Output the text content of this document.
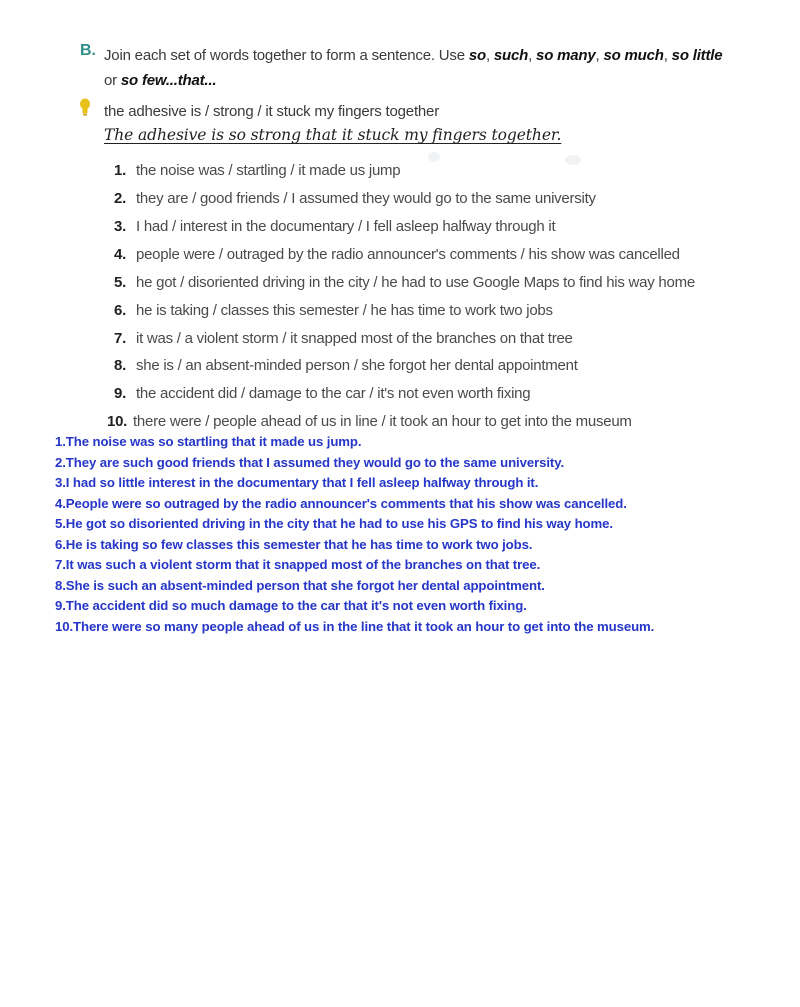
B. Join each set of words together to form a sentence. Use so, such, so many, so much, so little
or so few...that...
the adhesive is / strong / it stuck my fingers together
The adhesive is so strong that it stuck my fingers together.
1. the noise was / startling / it made us jump
2. they are / good friends / I assumed they would go to the same university
3. I had / interest in the documentary / I fell asleep halfway through it
4. people were / outraged by the radio announcer's comments / his show was cancelled
5. he got / disoriented driving in the city / he had to use Google Maps to find his way home
6. he is taking / classes this semester / he has time to work two jobs
7. it was / a violent storm / it snapped most of the branches on that tree
8. she is / an absent-minded person / she forgot her dental appointment
9. the accident did / damage to the car / it's not even worth fixing
10. there were / people ahead of us in line / it took an hour to get into the museum
1.The noise was so startling that it made us jump.
2.They are such good friends that I assumed they would go to the same university.
3.I had so little interest in the documentary that I fell asleep halfway through it.
4.People were so outraged by the radio announcer's comments that his show was cancelled.
5.He got so disoriented driving in the city that he had to use his GPS to find his way home.
6.He is taking so few classes this semester that he has time to work two jobs.
7.It was such a violent storm that it snapped most of the branches on that tree.
8.She is such an absent-minded person that she forgot her dental appointment.
9.The accident did so much damage to the car that it's not even worth fixing.
10.There were so many people ahead of us in the line that it took an hour to get into the museum.
